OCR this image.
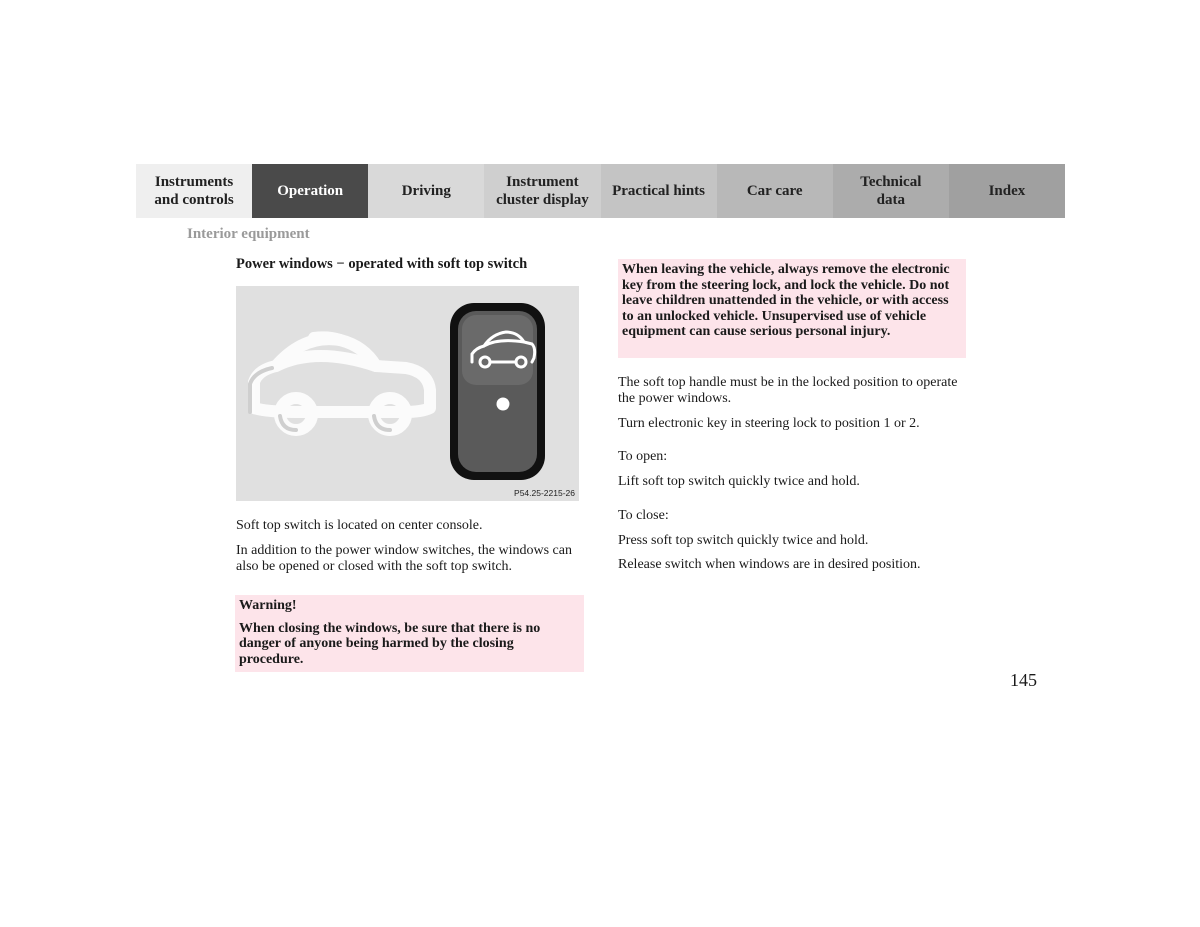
Instruments
and controls
Operation	Driving
Instrument
cluster display
Practical hints	Car care
Technical
data
Index
Interior equipment
Power windows − operated with soft top switch
P54.25-2215-26

Soft top switch is located on center console.

In addition to the power window switches, the windows can also be opened or closed with the soft top switch.

Warning!

When closing the windows, be sure that there is no danger of anyone being harmed by the closing procedure.

When leaving the vehicle, always remove the electronic key from the steering lock, and lock the vehicle. Do not leave children unattended in the vehicle, or with access to an unlocked vehicle. Unsupervised use of vehicle equipment can cause serious personal injury.

The soft top handle must be in the locked position to operate the power windows.

Turn electronic key in steering lock to position 1 or 2.

To open:

Lift soft top switch quickly twice and hold.

To close:

Press soft top switch quickly twice and hold.

Release switch when windows are in desired position.

145
